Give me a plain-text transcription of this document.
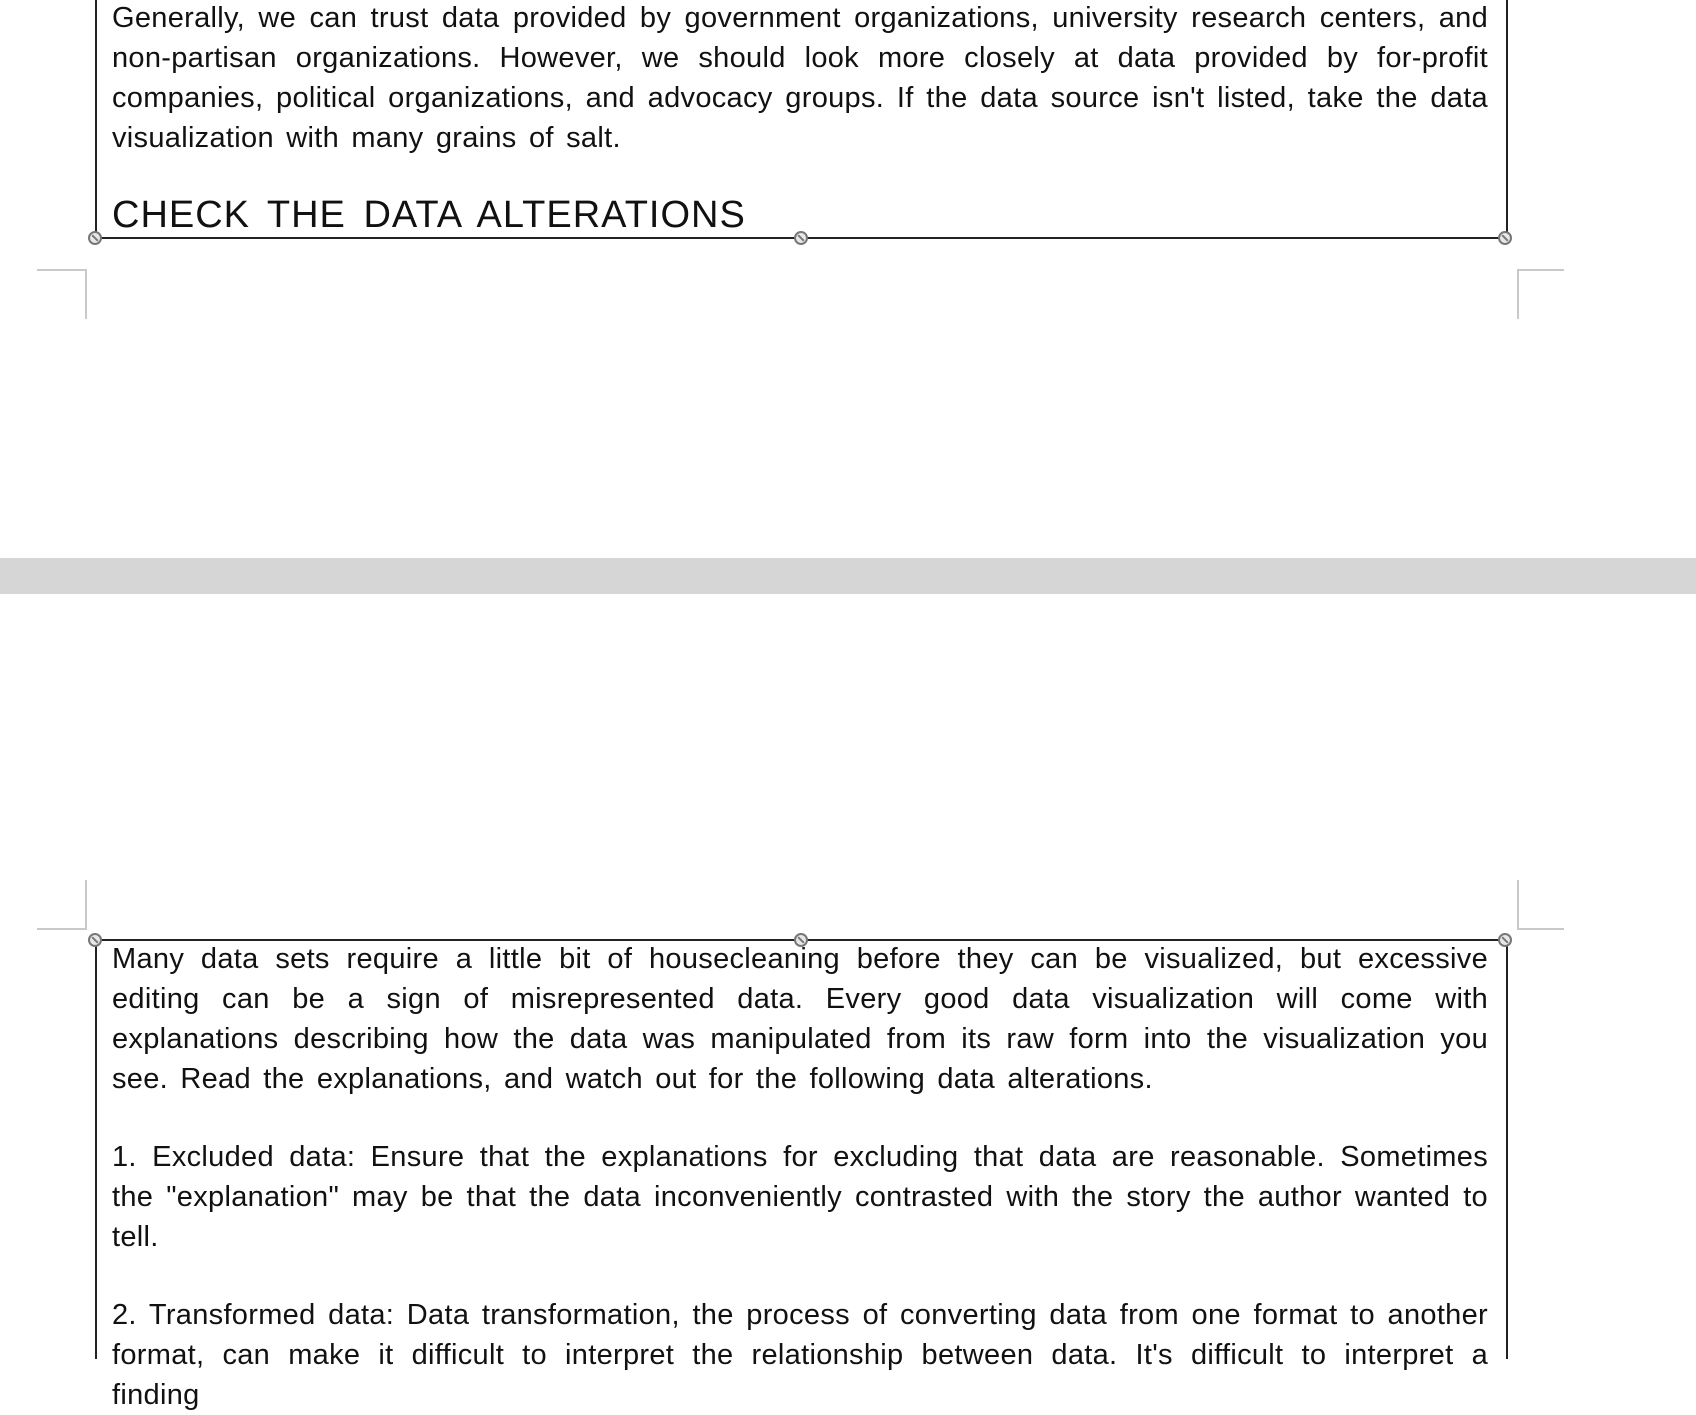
Generally, we can trust data provided by government organizations, university research centers, and non-partisan organizations. However, we should look more closely at data provided by for-profit companies, political organizations, and advocacy groups. If the data source isn't listed, take the data visualization with many grains of salt.

CHECK THE DATA ALTERATIONS

Many data sets require a little bit of housecleaning before they can be visualized, but excessive editing can be a sign of misrepresented data. Every good data visualization will come with explanations describing how the data was manipulated from its raw form into the visualization you see. Read the explanations, and watch out for the following data alterations.

1. Excluded data: Ensure that the explanations for excluding that data are reasonable. Sometimes the "explanation" may be that the data inconveniently contrasted with the story the author wanted to tell.

2. Transformed data: Data transformation, the process of converting data from one format to another format, can make it difficult to interpret the relationship between data. It's difficult to interpret a finding
